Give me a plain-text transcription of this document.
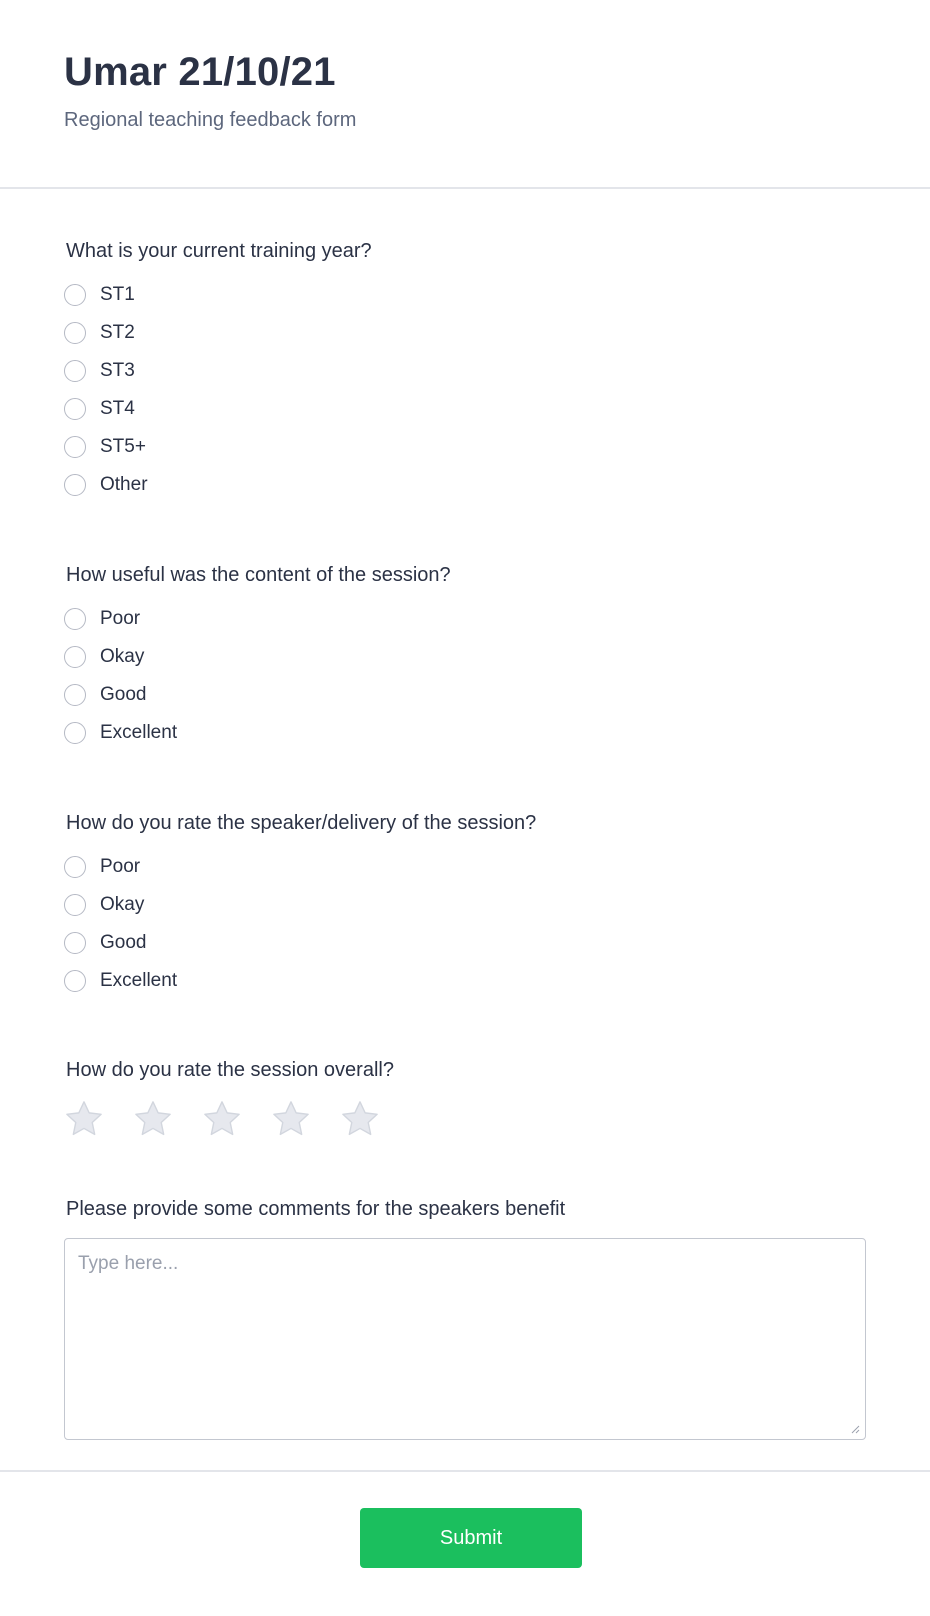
Umar 21/10/21
Regional teaching feedback form
What is your current training year?
ST1
ST2
ST3
ST4
ST5+
Other
How useful was the content of the session?
Poor
Okay
Good
Excellent
How do you rate the speaker/delivery of the session?
Poor
Okay
Good
Excellent
How do you rate the session overall?
Please provide some comments for the speakers benefit
Type here...
Submit
